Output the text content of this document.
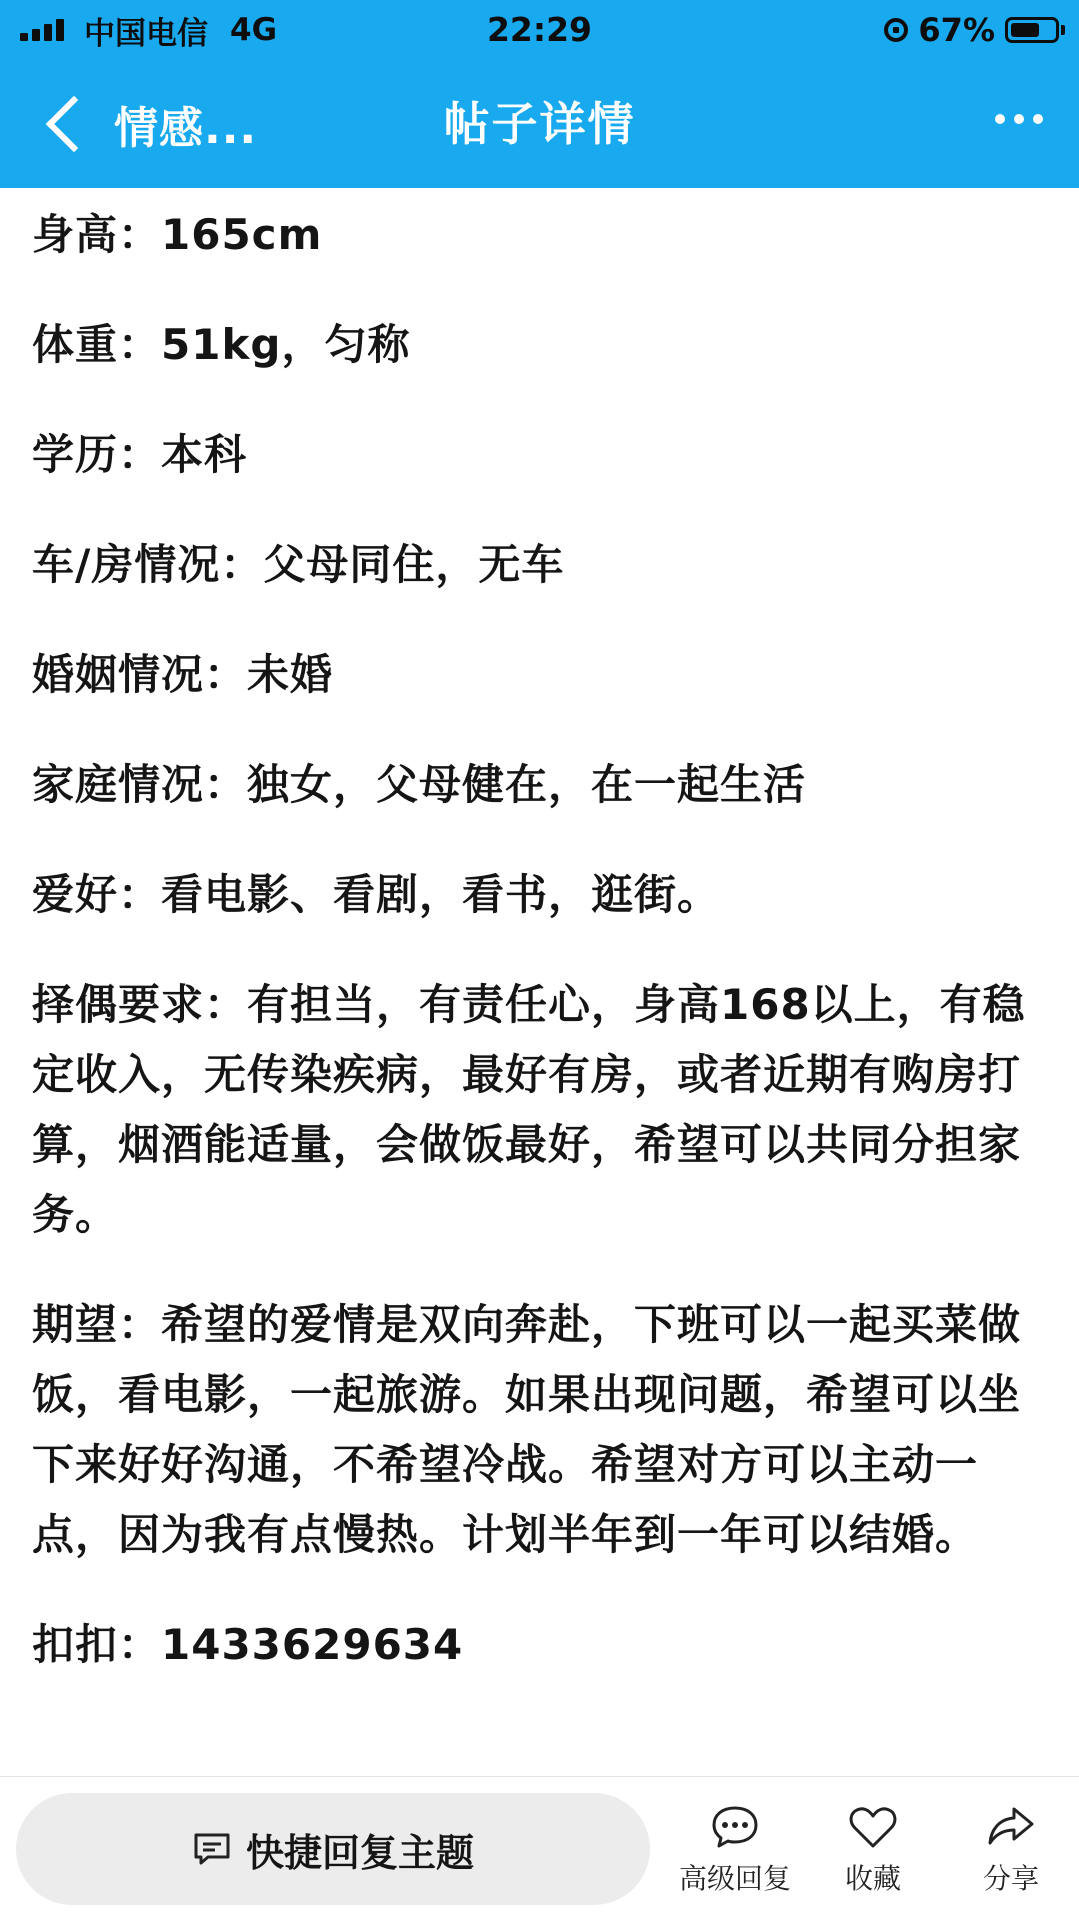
中国电信 4G	22:29	67%
情感...	帖子详情

身高：165cm

体重：51kg，匀称

学历：本科

车/房情况：父母同住，无车

婚姻情况：未婚

家庭情况：独女，父母健在，在一起生活

爱好：看电影、看剧，看书，逛街。

择偶要求：有担当，有责任心，身高168以上，有稳定收入，无传染疾病，最好有房，或者近期有购房打算，烟酒能适量，会做饭最好，希望可以共同分担家务。

期望：希望的爱情是双向奔赴，下班可以一起买菜做饭，看电影，一起旅游。如果出现问题，希望可以坐下来好好沟通，不希望冷战。希望对方可以主动一点，因为我有点慢热。计划半年到一年可以结婚。

扣扣：1433629634

快捷回复主题
高级回复	收藏	分享
